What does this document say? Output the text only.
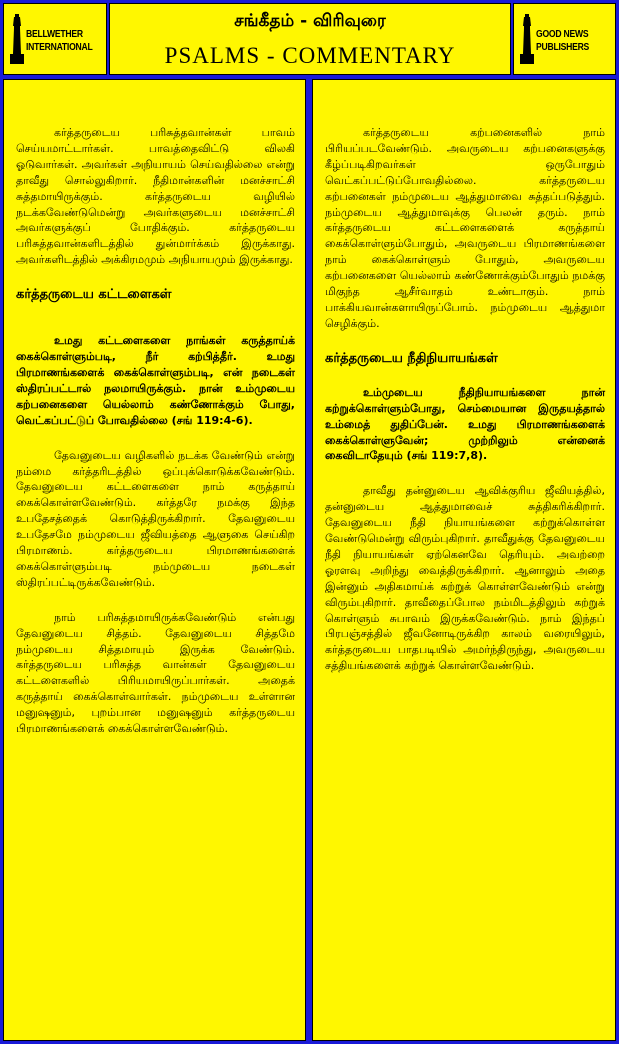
BELLWETHER
INTERNATIONAL
சங்கீதம் - விரிவுரை
PSALMS - COMMENTARY
GOOD NEWS
PUBLISHERS

கர்த்தருடைய பரிசுத்தவான்கள் பாவம் செய்யமாட்டார்கள். பாவத்தைவிட்டு விலகி ஓடுவார்கள். அவர்கள் அநியாயம் செய்வதில்லை என்று தாவீது சொல்லுகிறார். நீதிமான்களின் மனச்சாட்சி சுத்தமாயிருக்கும். கர்த்தருடைய வழியில் நடக்கவேண்டுமென்று அவர்களுடைய மனச்சாட்சி அவர்களுக்குப் போதிக்கும். கர்த்தருடைய பரிசுத்தவான்களிடத்தில் துன்மார்க்கம் இருக்காது. அவர்களிடத்தில் அக்கிரமமும் அநியாயமும் இருக்காது.

கர்த்தருடைய கட்டளைகள்

உமது கட்டளைகளை நாங்கள் கருத்தாய்க் கைக்கொள்ளும்படி, நீர் கற்பித்தீர். உமது பிரமாணங்களைக் கைக்கொள்ளும்படி, என் நடைகள் ஸ்திரப்பட்டால் நலமாயிருக்கும். நான் உம்முடைய கற்பனைகளை யெல்லாம் கண்ணோக்கும் போது, வெட்கப்பட்டுப் போவதில்லை (சங் 119:4-6).

தேவனுடைய வழிகளில் நடக்க வேண்டும் என்று நம்மை கர்த்தரிடத்தில் ஒப்புக்கொடுக்கவேண்டும். தேவனுடைய கட்டளைகளை நாம் கருத்தாய் கைக்கொள்ளவேண்டும். கர்த்தரே நமக்கு இந்த உபதேசத்தைக் கொடுத்திருக்கிறார். தேவனுடைய உபதேசமே நம்முடைய ஜீவியத்தை ஆளுகை செய்கிற பிரமாணம். கர்த்தருடைய பிரமாணங்களைக் கைக்கொள்ளும்படி நம்முடைய நடைகள் ஸ்திரப்பட்டிருக்கவேண்டும்.

நாம் பரிசுத்தமாயிருக்கவேண்டும் என்பது தேவனுடைய சித்தம். தேவனுடைய சித்தமே நம்முடைய சித்தமாயும் இருக்க வேண்டும். கர்த்தருடைய பரிசுத்த வான்கள் தேவனுடைய கட்டளைகளில் பிரியமாயிருப்பார்கள். அதைக் கருத்தாய் கைக்கொள்வார்கள். நம்முடைய உள்ளான மனுஷனும், புறம்பான மனுஷனும் கர்த்தருடைய பிரமாணங்களைக் கைக்கொள்ளவேண்டும்.

கர்த்தருடைய கற்பனைகளில் நாம் பிரியப்படவேண்டும். அவருடைய கற்பனைகளுக்கு கீழ்ப்படிகிறவர்கள் ஒருபோதும் வெட்கப்பட்டுப்போவதில்லை. கர்த்தருடைய கற்பனைகள் நம்முடைய ஆத்துமாவை சுத்தப்படுத்தும். நம்முடைய ஆத்துமாவுக்கு பெலன் தரும். நாம் கர்த்தருடைய கட்டளைகளைக் கருத்தாய் கைக்கொள்ளும்போதும், அவருடைய பிரமாணங்களை நாம் கைக்கொள்ளும் போதும், அவருடைய கற்பனைகளை யெல்லாம் கண்ணோக்கும்போதும் நமக்கு மிகுந்த ஆசீர்வாதம் உண்டாகும். நாம் பாக்கியவான்களாயிருப்போம். நம்முடைய ஆத்துமா செழிக்கும்.

கர்த்தருடைய நீதிநியாயங்கள்

உம்முடைய நீதிநியாயங்களை நான் கற்றுக்கொள்ளும்போது, செம்மையான இருதயத்தால் உம்மைத் துதிப்பேன். உமது பிரமாணங்களைக் கைக்கொள்ளுவேன்; முற்றிலும் என்னைக் கைவிடாதேயும் (சங் 119:7,8).

தாவீது தன்னுடைய ஆவிக்குரிய ஜீவியத்தில், தன்னுடைய ஆத்துமாவைச் சுத்திகரிக்கிறார். தேவனுடைய நீதி நியாயங்களை கற்றுக்கொள்ள வேண்டுமென்று விரும்புகிறார். தாவீதுக்கு தேவனுடைய நீதி நியாயங்கள் ஏற்கெனவே தெரியும். அவற்றை ஓரளவு அறிந்து வைத்திருக்கிறார். ஆனாலும் அதை இன்னும் அதிகமாய்க் கற்றுக் கொள்ளவேண்டும் என்று விரும்புகிறார். தாவீதைப்போல நம்மிடத்திலும் கற்றுக் கொள்ளும் சுபாவம் இருக்கவேண்டும். நாம் இந்தப் பிரபஞ்சத்தில் ஜீவனோடிருக்கிற காலம் வரையிலும், கர்த்தருடைய பாதபடியில் அமர்ந்திருந்து, அவருடைய சத்தியங்களைக் கற்றுக் கொள்ளவேண்டும்.
